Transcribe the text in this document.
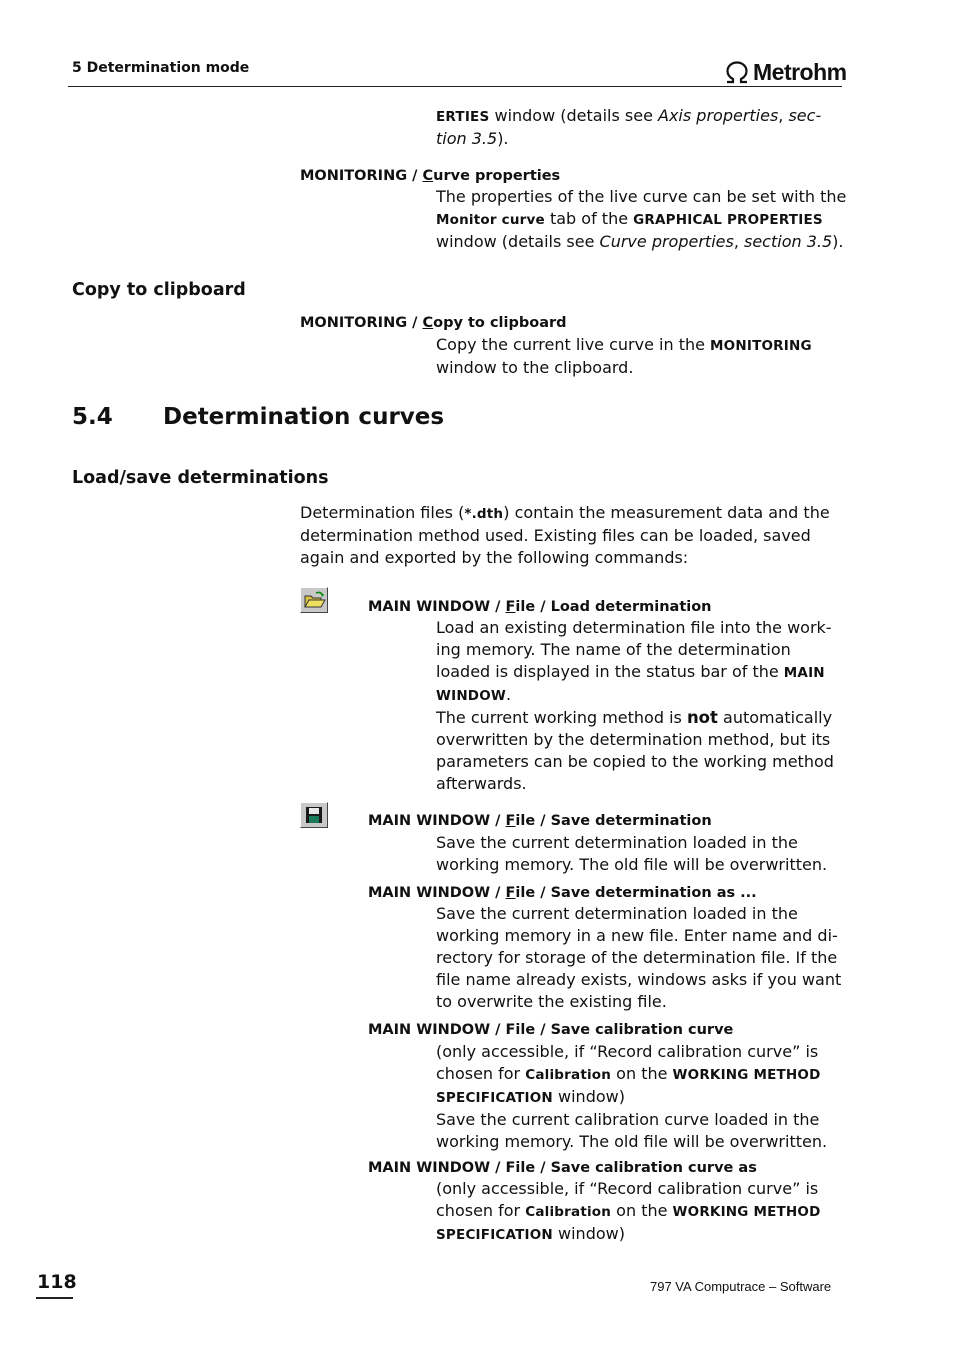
5 Determination mode	Metrohm
ERTIES window (details see Axis properties, sec-
tion 3.5).
MONITORING / Curve properties
The properties of the live curve can be set with the
Monitor curve tab of the GRAPHICAL PROPERTIES
window (details see Curve properties, section 3.5).
Copy to clipboard
MONITORING / Copy to clipboard
Copy the current live curve in the MONITORING
window to the clipboard.
5.4 Determination curves
Load/save determinations
Determination files (*.dth) contain the measurement data and the
determination method used. Existing files can be loaded, saved
again and exported by the following commands:
MAIN WINDOW / File / Load determination
Load an existing determination file into the work-
ing memory. The name of the determination
loaded is displayed in the status bar of the MAIN
WINDOW.
The current working method is not automatically
overwritten by the determination method, but its
parameters can be copied to the working method
afterwards.
MAIN WINDOW / File / Save determination
Save the current determination loaded in the
working memory. The old file will be overwritten.
MAIN WINDOW / File / Save determination as ...
Save the current determination loaded in the
working memory in a new file. Enter name and di-
rectory for storage of the determination file. If the
file name already exists, windows asks if you want
to overwrite the existing file.
MAIN WINDOW / File / Save calibration curve
(only accessible, if “Record calibration curve” is
chosen for Calibration on the WORKING METHOD
SPECIFICATION window)
Save the current calibration curve loaded in the
working memory. The old file will be overwritten.
MAIN WINDOW / File / Save calibration curve as
(only accessible, if “Record calibration curve” is
chosen for Calibration on the WORKING METHOD
SPECIFICATION window)
118	797 VA Computrace – Software
